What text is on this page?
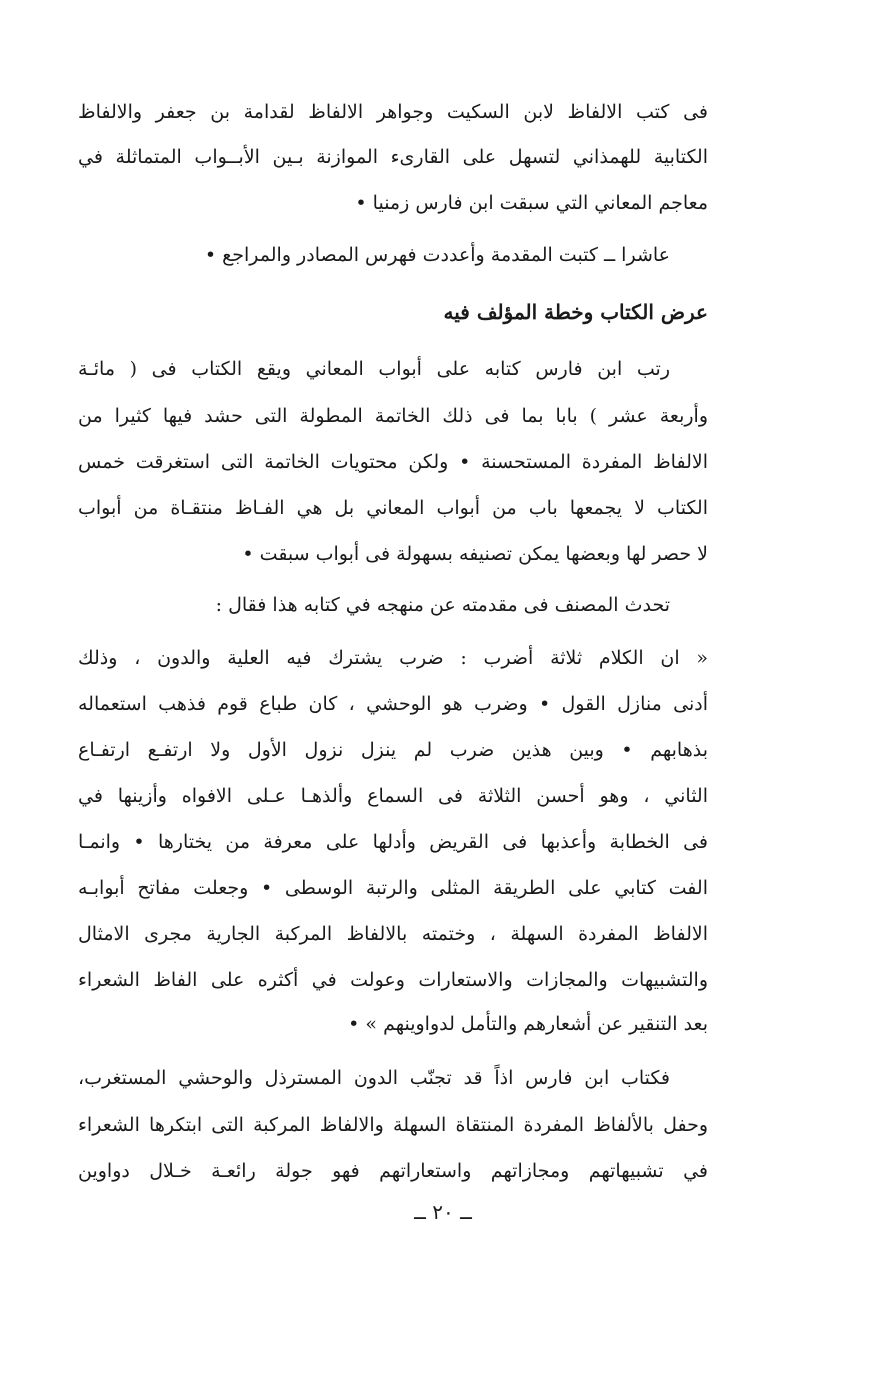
فى كتب الالفاظ لابن السكيت وجواهر الالفاظ لقدامة بن جعفر والالفاظ
الكتابية للهمذاني لتسهل على القارىء الموازنة بـين الأبــواب المتماثلة في
معاجم المعاني التي سبقت ابن فارس زمنيا •
عاشرا ــ كتبت المقدمة وأعددت فهرس المصادر والمراجع •
عرض الكتاب وخطة المؤلف فيه
رتب ابن فارس كتابه على أبواب المعاني ويقع الكتاب فى ( مائـة
وأربعة عشر ) بابا بما فى ذلك الخاتمة المطولة التى حشد فيها كثيرا من
الالفاظ المفردة المستحسنة • ولكن محتويات الخاتمة التى استغرقت خمس
الكتاب لا يجمعها باب من أبواب المعاني بل هي الفـاظ منتقـاة من أبواب
لا حصر لها وبعضها يمكن تصنيفه بسهولة فى أبواب سبقت •
تحدث المصنف فى مقدمته عن منهجه في كتابه هذا فقال :
« ان الكلام ثلاثة أضرب : ضرب يشترك فيه العلية والدون ، وذلك
أدنى منازل القول • وضرب هو الوحشي ، كان طباع قوم فذهب استعماله
بذهابهم • وبين هذين ضرب لم ينزل نزول الأول ولا ارتفـع ارتفـاع
الثاني ، وهو أحسن الثلاثة فى السماع وألذهـا عـلى الافواه وأزينها في
فى الخطابة وأعذبها فى القريض وأدلها على معرفة من يختارها • وانمـا
الفت كتابي على الطريقة المثلى والرتبة الوسطى • وجعلت مفاتح أبوابـه
الالفاظ المفردة السهلة ، وختمته بالالفاظ المركبة الجارية مجرى الامثال
والتشبيهات والمجازات والاستعارات وعولت في أكثره على الفاظ الشعراء
بعد التنقير عن أشعارهم والتأمل لدواوينهم » •
فكتاب ابن فارس اذاً قد تجنّب الدون المسترذل والوحشي المستغرب،
وحفل بالألفاظ المفردة المنتقاة السهلة والالفاظ المركبة التى ابتكرها الشعراء
في تشبيهاتهم ومجازاتهم واستعاراتهم فهو جولة رائعـة خـلال دواوين
ــ ٢٠ ــ
